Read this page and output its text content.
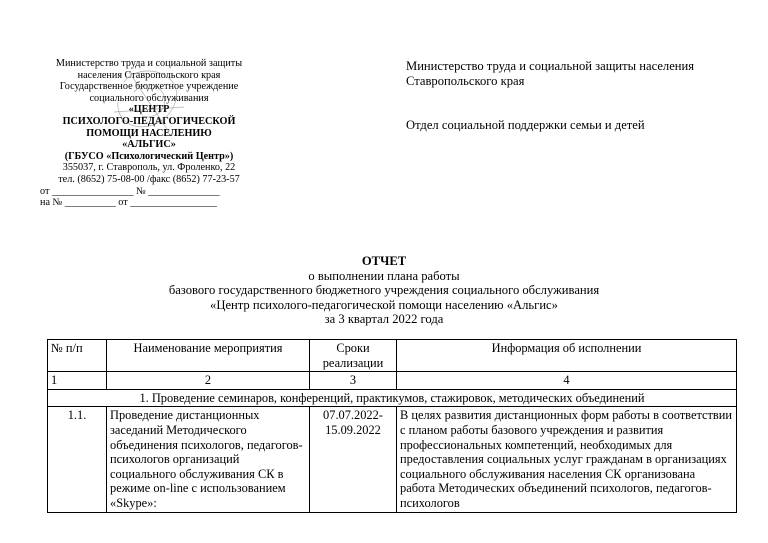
Министерство труда и социальной защиты
населения Ставропольского края
Государственное бюджетное учреждение
социального обслуживания
«ЦЕНТР
ПСИХОЛОГО-ПЕДАГОГИЧЕСКОЙ
ПОМОЩИ НАСЕЛЕНИЮ
«АЛЬГИС»
(ГБУСО «Психологический Центр»)
355037, г. Ставрополь, ул. Фроленко, 22
тел. (8652) 75-08-00 /факс (8652) 77-23-57
от ________________ № ______________
на № __________ от _________________
Министерство труда и социальной защиты населения Ставропольского края
Отдел социальной поддержки семьи и детей
ОТЧЕТ
о выполнении плана работы
базового государственного бюджетного учреждения социального обслуживания
«Центр психолого-педагогической помощи населению «Альгис»
за 3 квартал 2022 года
№ п/п	Наименование мероприятия	Сроки реализации	Информация об исполнении
1	2	3	4
1. Проведение семинаров, конференций, практикумов, стажировок, методических объединений			
1.1.	Проведение дистанционных заседаний Методического объединения психологов, педагогов-психологов организаций социального обслуживания СК в режиме on-line с использованием «Skype»:	07.07.2022-15.09.2022	В целях развития дистанционных форм работы в соответствии с планом работы базового учреждения и развития профессиональных компетенций, необходимых для предоставления социальных услуг гражданам в организациях социального обслуживания населения СК организована работа Методических объединений психологов, педагогов-психологов
